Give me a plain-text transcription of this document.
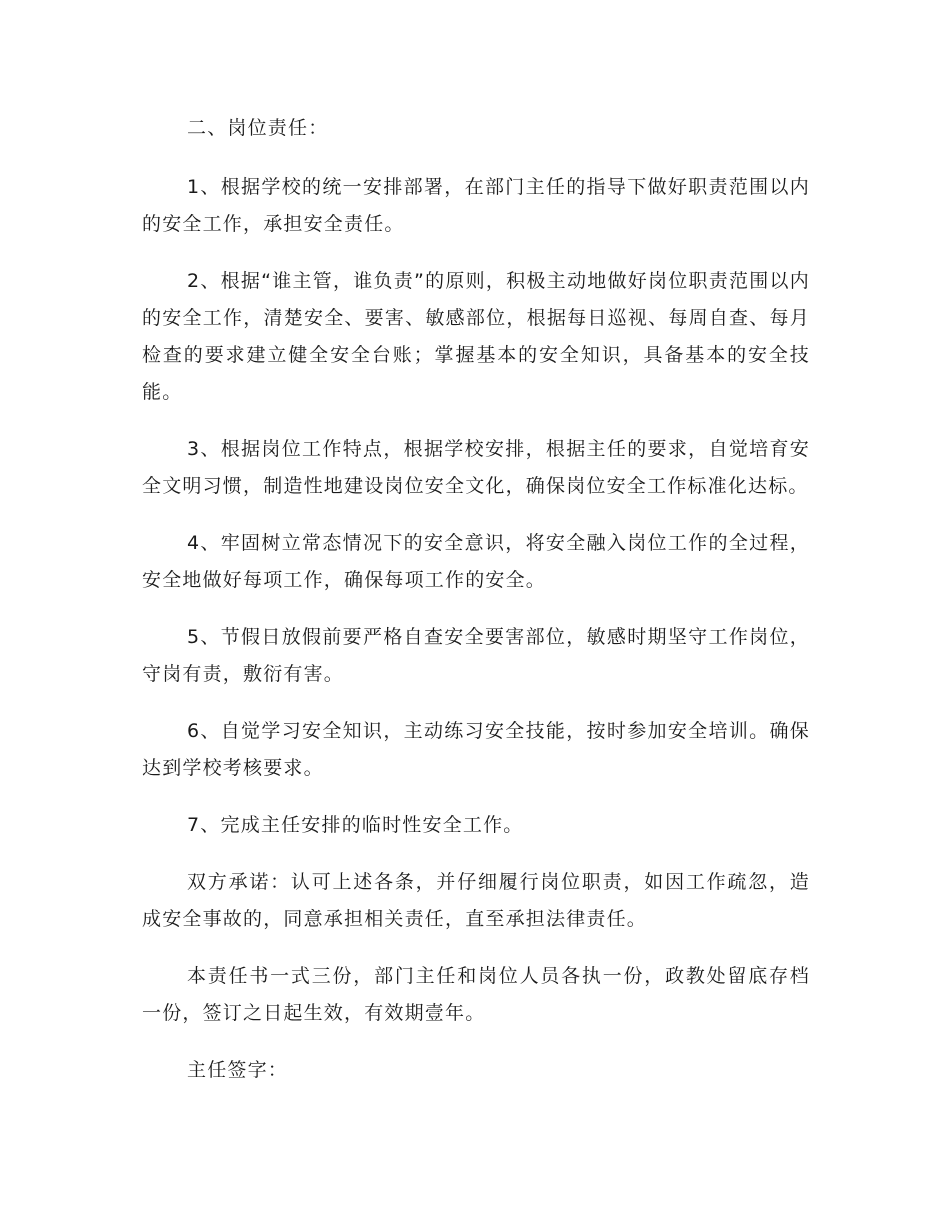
二、岗位责任：

1、根据学校的统一安排部署，在部门主任的指导下做好职责范围以内的安全工作，承担安全责任。

2、根据“谁主管，谁负责”的原则，积极主动地做好岗位职责范围以内的安全工作，清楚安全、要害、敏感部位，根据每日巡视、每周自查、每月检查的要求建立健全安全台账；掌握基本的安全知识，具备基本的安全技能。

3、根据岗位工作特点，根据学校安排，根据主任的要求，自觉培育安全文明习惯，制造性地建设岗位安全文化，确保岗位安全工作标准化达标。

4、牢固树立常态情况下的安全意识，将安全融入岗位工作的全过程，安全地做好每项工作，确保每项工作的安全。

5、节假日放假前要严格自查安全要害部位，敏感时期坚守工作岗位，守岗有责，敷衍有害。

6、自觉学习安全知识，主动练习安全技能，按时参加安全培训。确保达到学校考核要求。

7、完成主任安排的临时性安全工作。

双方承诺：认可上述各条，并仔细履行岗位职责，如因工作疏忽，造成安全事故的，同意承担相关责任，直至承担法律责任。

本责任书一式三份，部门主任和岗位人员各执一份，政教处留底存档一份，签订之日起生效，有效期壹年。

主任签字：
